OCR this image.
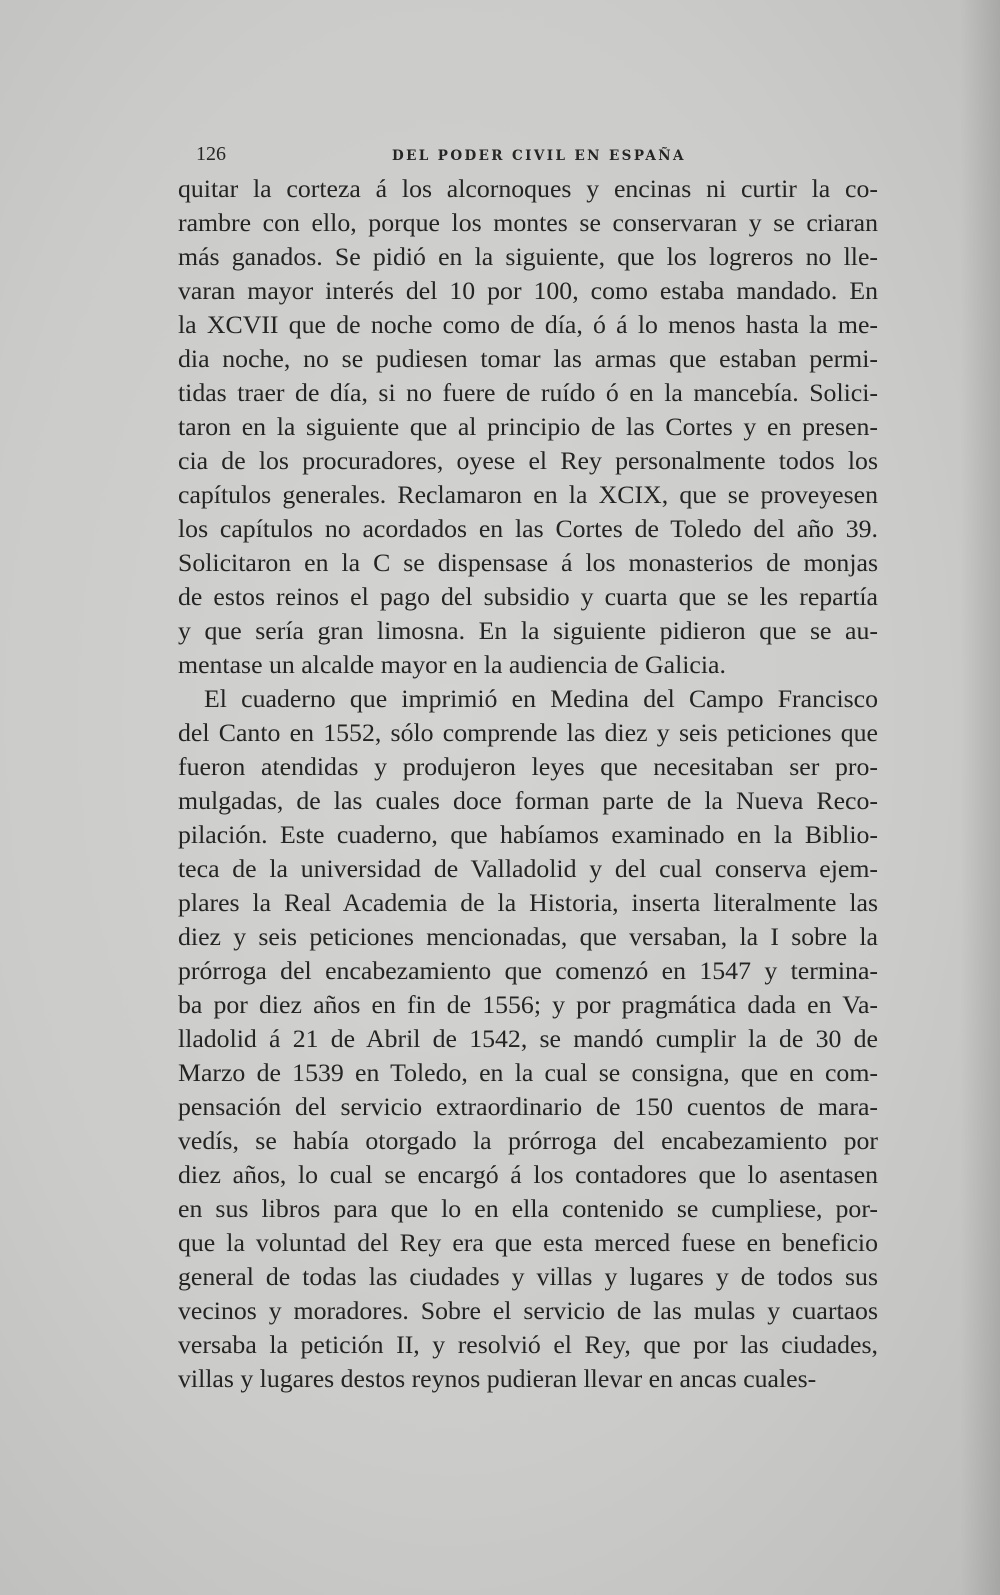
126	DEL PODER CIVIL EN ESPAÑA
quitar la corteza á los alcornoques y encinas ni curtir la co-
rambre con ello, porque los montes se conservaran y se criaran
más ganados. Se pidió en la siguiente, que los logreros no lle-
varan mayor interés del 10 por 100, como estaba mandado. En
la XCVII que de noche como de día, ó á lo menos hasta la me-
dia noche, no se pudiesen tomar las armas que estaban permi-
tidas traer de día, si no fuere de ruído ó en la mancebía. Solici-
taron en la siguiente que al principio de las Cortes y en presen-
cia de los procuradores, oyese el Rey personalmente todos los
capítulos generales. Reclamaron en la XCIX, que se proveyesen
los capítulos no acordados en las Cortes de Toledo del año 39.
Solicitaron en la C se dispensase á los monasterios de monjas
de estos reinos el pago del subsidio y cuarta que se les repartía
y que sería gran limosna. En la siguiente pidieron que se au-
mentase un alcalde mayor en la audiencia de Galicia.
El cuaderno que imprimió en Medina del Campo Francisco
del Canto en 1552, sólo comprende las diez y seis peticiones que
fueron atendidas y produjeron leyes que necesitaban ser pro-
mulgadas, de las cuales doce forman parte de la Nueva Reco-
pilación. Este cuaderno, que habíamos examinado en la Biblio-
teca de la universidad de Valladolid y del cual conserva ejem-
plares la Real Academia de la Historia, inserta literalmente las
diez y seis peticiones mencionadas, que versaban, la I sobre la
prórroga del encabezamiento que comenzó en 1547 y termina-
ba por diez años en fin de 1556; y por pragmática dada en Va-
lladolid á 21 de Abril de 1542, se mandó cumplir la de 30 de
Marzo de 1539 en Toledo, en la cual se consigna, que en com-
pensación del servicio extraordinario de 150 cuentos de mara-
vedís, se había otorgado la prórroga del encabezamiento por
diez años, lo cual se encargó á los contadores que lo asentasen
en sus libros para que lo en ella contenido se cumpliese, por-
que la voluntad del Rey era que esta merced fuese en beneficio
general de todas las ciudades y villas y lugares y de todos sus
vecinos y moradores. Sobre el servicio de las mulas y cuartaos
versaba la petición II, y resolvió el Rey, que por las ciudades,
villas y lugares destos reynos pudieran llevar en ancas cuales-
